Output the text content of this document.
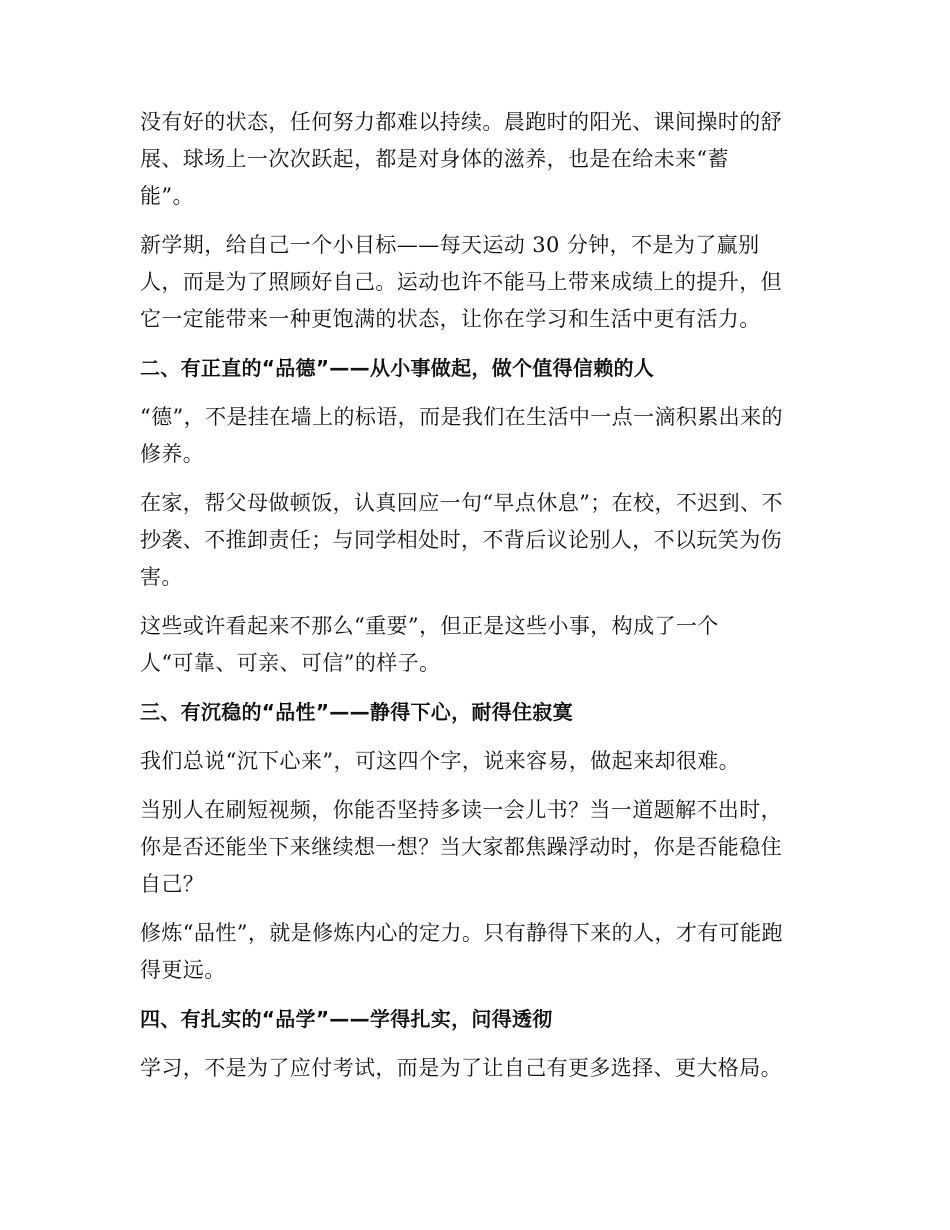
没有好的状态，任何努力都难以持续。晨跑时的阳光、课间操时的舒展、球场上一次次跃起，都是对身体的滋养，也是在给未来“蓄
能”。

新学期，给自己一个小目标——每天运动 30 分钟，不是为了赢别人，而是为了照顾好自己。运动也许不能马上带来成绩上的提升，但它一定能带来一种更饱满的状态，让你在学习和生活中更有活力。

二、有正直的“品德”——从小事做起，做个值得信赖的人

“德”，不是挂在墙上的标语，而是我们在生活中一点一滴积累出来的修养。

在家，帮父母做顿饭，认真回应一句“早点休息”；在校，不迟到、不抄袭、不推卸责任；与同学相处时，不背后议论别人，不以玩笑为伤害。

这些或许看起来不那么“重要”，但正是这些小事，构成了一个
人“可靠、可亲、可信”的样子。

三、有沉稳的“品性”——静得下心，耐得住寂寞

我们总说“沉下心来”，可这四个字，说来容易，做起来却很难。

当别人在刷短视频，你能否坚持多读一会儿书？当一道题解不出时，你是否还能坐下来继续想一想？当大家都焦躁浮动时，你是否能稳住自己？

修炼“品性”，就是修炼内心的定力。只有静得下来的人，才有可能跑得更远。

四、有扎实的“品学”——学得扎实，问得透彻

学习，不是为了应付考试，而是为了让自己有更多选择、更大格局。
